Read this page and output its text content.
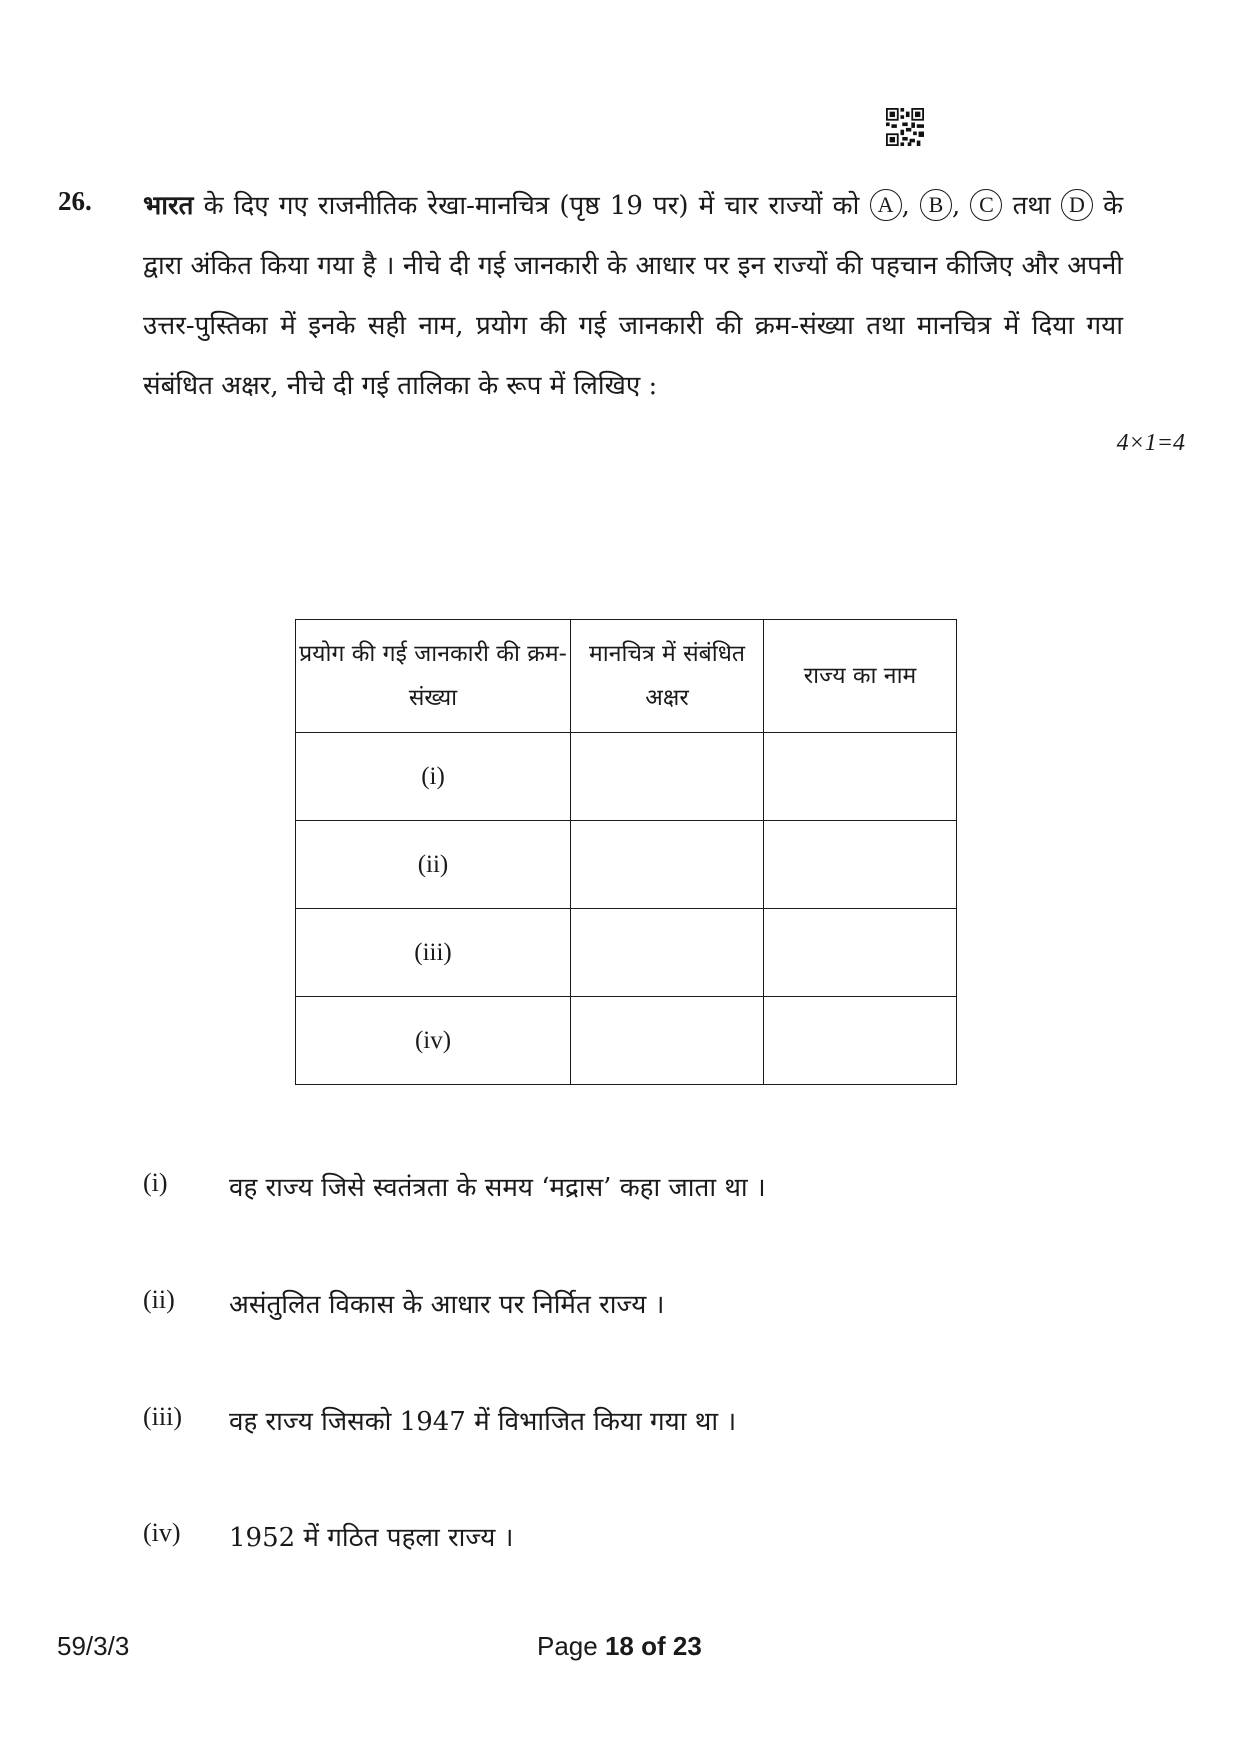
26. भारत के दिए गए राजनीतिक रेखा-मानचित्र (पृष्ठ 19 पर) में चार राज्यों को A , B , C तथा D के द्वारा अंकित किया गया है । नीचे दी गई जानकारी के आधार पर इन राज्यों की पहचान कीजिए और अपनी उत्तर-पुस्तिका में इनके सही नाम, प्रयोग की गई जानकारी की क्रम-संख्या तथा मानचित्र में दिया गया संबंधित अक्षर, नीचे दी गई तालिका के रूप में लिखिए :
4×1=4
प्रयोग की गई जानकारी की क्रम-संख्या	मानचित्र में संबंधित अक्षर	राज्य का नाम
(i)		
(ii)		
(iii)		
(iv)		
(i) वह राज्य जिसे स्वतंत्रता के समय ‘मद्रास’ कहा जाता था ।
(ii) असंतुलित विकास के आधार पर निर्मित राज्य ।
(iii) वह राज्य जिसको 1947 में विभाजित किया गया था ।
(iv) 1952 में गठित पहला राज्य ।
59/3/3	Page 18 of 23
